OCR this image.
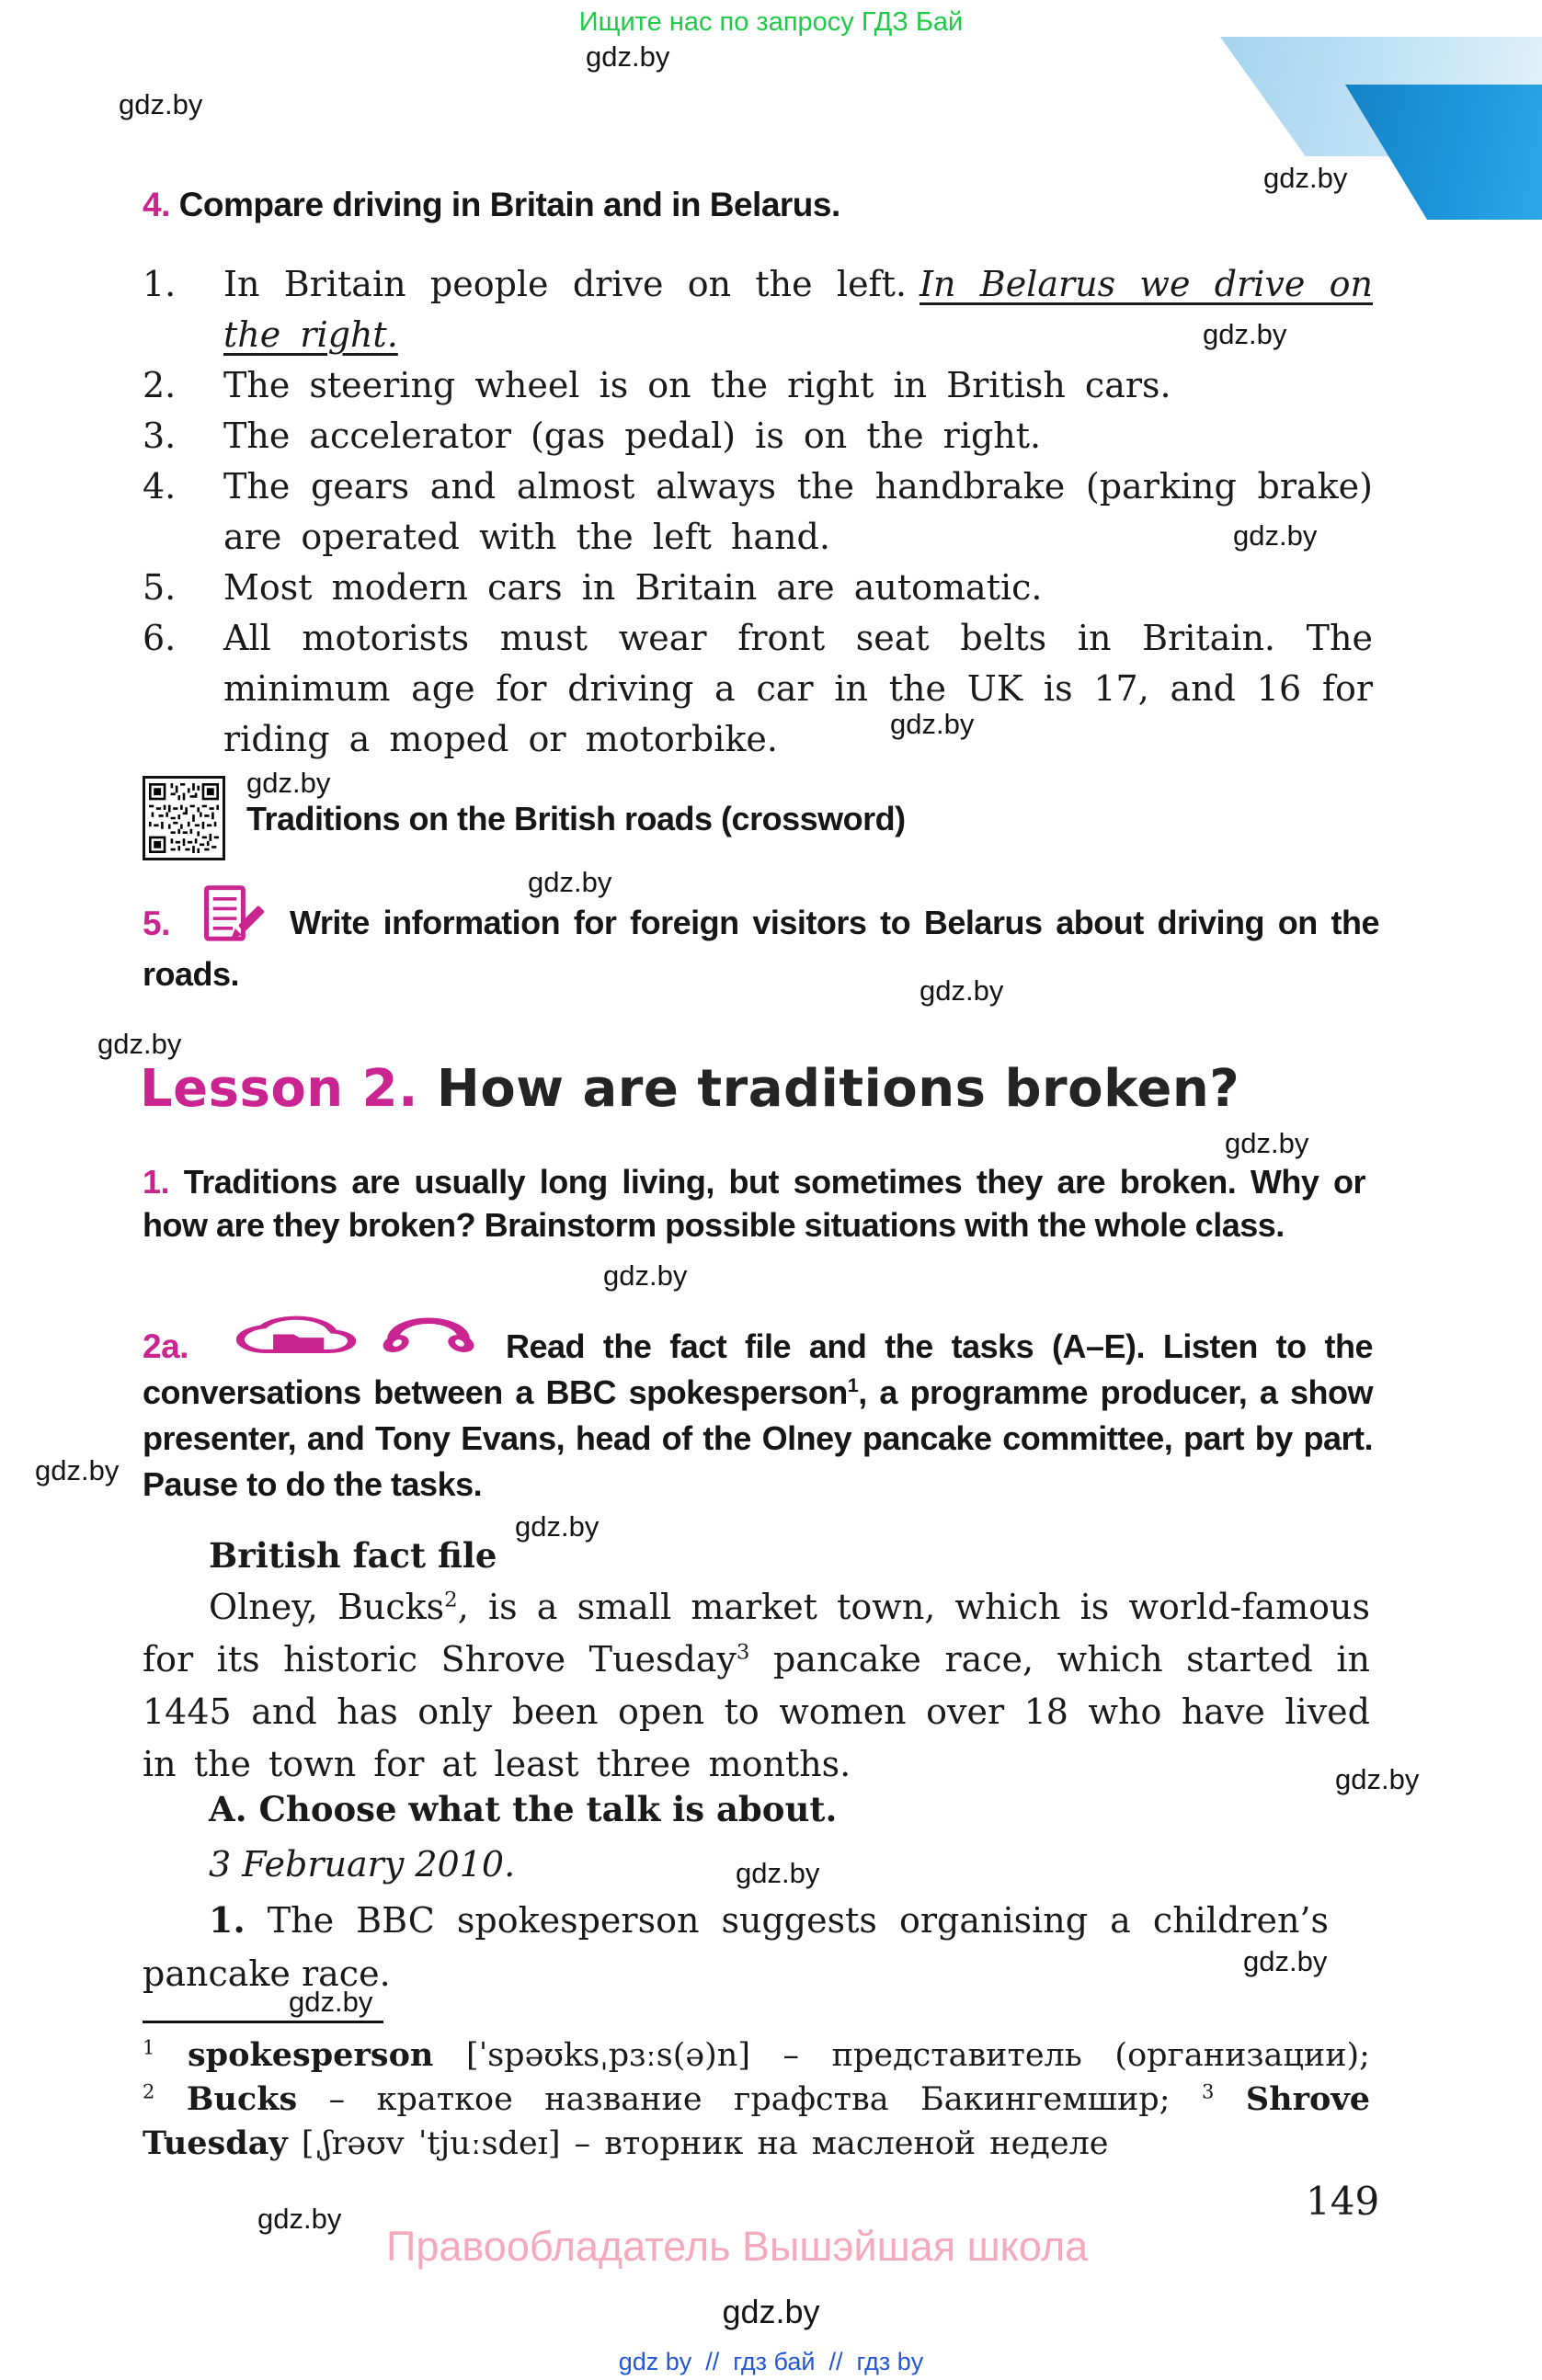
Ищите нас по запросу ГДЗ Бай
gdz.by
gdz.by
gdz.by
gdz.by
gdz.by
gdz.by
gdz.by
gdz.by
gdz.by
gdz.by
gdz.by
gdz.by
gdz.by
gdz.by
gdz.by
gdz.by
gdz.by
gdz.by
gdz.by
4. Compare driving in Britain and in Belarus.
1.	In Britain people drive on the left. In Belarus we drive on the right.
2.	The steering wheel is on the right in British cars.
3.	The accelerator (gas pedal) is on the right.
4.	The gears and almost always the handbrake (parking brake) are operated with the left hand.
5.	Most modern cars in Britain are automatic.
6.	All motorists must wear front seat belts in Britain. The minimum age for driving a car in the UK is 17, and 16 for riding a moped or motorbike.
Traditions on the British roads (crossword)
5.	Write information for foreign visitors to Belarus about driving on the roads.

Lesson 2. How are traditions broken?

1. Traditions are usually long living, but sometimes they are broken. Why or how are they broken? Brainstorm possible situations with the whole class.

2a.	Read the fact file and the tasks (A–E). Listen to the conversations between a BBC spokesperson$^1$, a programme producer, a show presenter, and Tony Evans, head of the Olney pancake committee, part by part. Pause to do the tasks.

British fact file
Olney, Bucks$^2$, is a small market town, which is world-famous for its historic Shrove Tuesday$^3$ pancake race, which started in 1445 and has only been open to women over 18 who have lived in the town for at least three months.
A. Choose what the talk is about.
3 February 2010.
1. The BBC spokesperson suggests organising a children’s pancake race.

$^1$ spokesperson [ˈspəʊksˌpɜːs(ə)n] – представитель (организации);

$^2$ Bucks – краткое название графства Бакингемшир; $^3$ Shrove Tuesday [ˌʃrəʊv ˈtjuːsdeɪ] – вторник на масленой неделе

149
Правообладатель Вышэйшая школа
gdz.by
gdz by  //  гдз бай  //  гдз by
